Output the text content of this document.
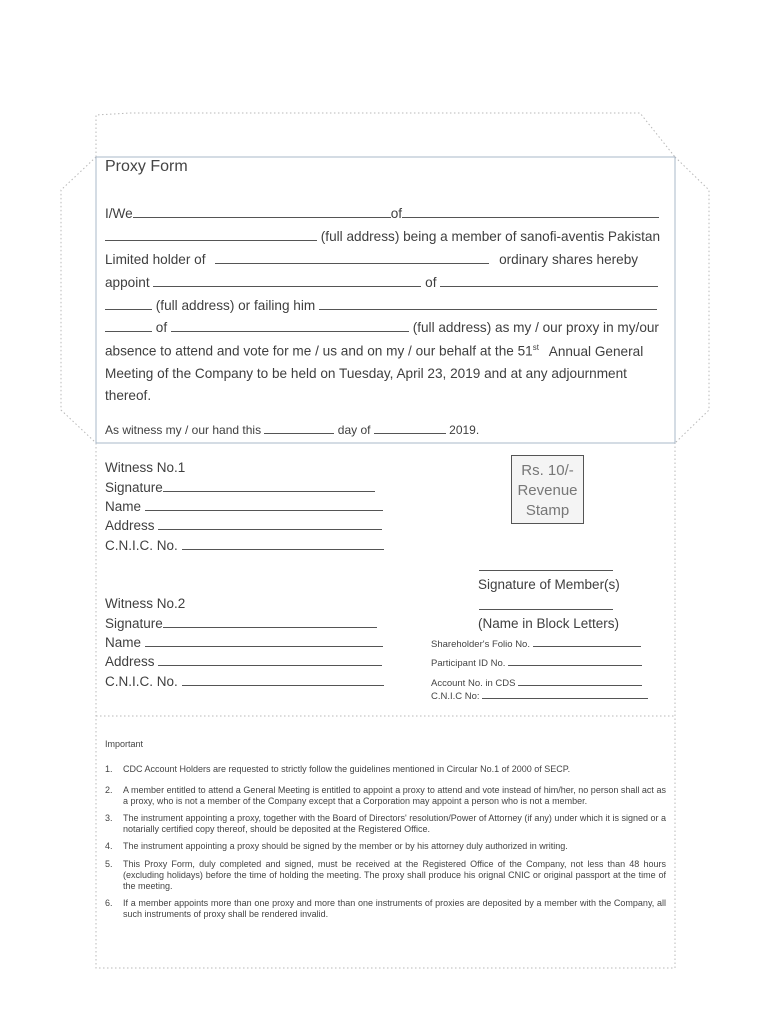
Proxy Form
I/We	of
(full address) being a member of sanofi-aventis Pakistan
Limited holder of	ordinary shares hereby
appoint	of
(full address) or failing him
of	(full address) as my / our proxy in my/our
absence to attend and vote for me / us and on my / our behalf at the 51st Annual General
Meeting of the Company to be held on Tuesday, April 23, 2019 and at any adjournment
thereof.
As witness my / our hand this	day of	2019.
Witness No.1
Signature
Name
Address
C.N.I.C. No.
Rs. 10/-
Revenue
Stamp
Signature of Member(s)
(Name in Block Letters)
Witness No.2
Signature
Name
Address
C.N.I.C. No.
Shareholder's Folio No.
Participant ID No.
Account No. in CDS
C.N.I.C No:
Important
1.	CDC Account Holders are requested to strictly follow the guidelines mentioned in Circular No.1 of 2000 of SECP.
2.	A member entitled to attend a General Meeting is entitled to appoint a proxy to attend and vote instead of him/her, no person shall act as a proxy, who is not a member of the Company except that a Corporation may appoint a person who is not a member.
3.	The instrument appointing a proxy, together with the Board of Directors' resolution/Power of Attorney (if any) under which it is signed or a notarially certified copy thereof, should be deposited at the Registered Office.
4.	The instrument appointing a proxy should be signed by the member or by his attorney duly authorized in writing.
5.	This Proxy Form, duly completed and signed, must be received at the Registered Office of the Company, not less than 48 hours (excluding holidays) before the time of holding the meeting. The proxy shall produce his orignal CNIC or original passport at the time of the meeting.
6.	If a member appoints more than one proxy and more than one instruments of proxies are deposited by a member with the Company, all such instruments of proxy shall be rendered invalid.
